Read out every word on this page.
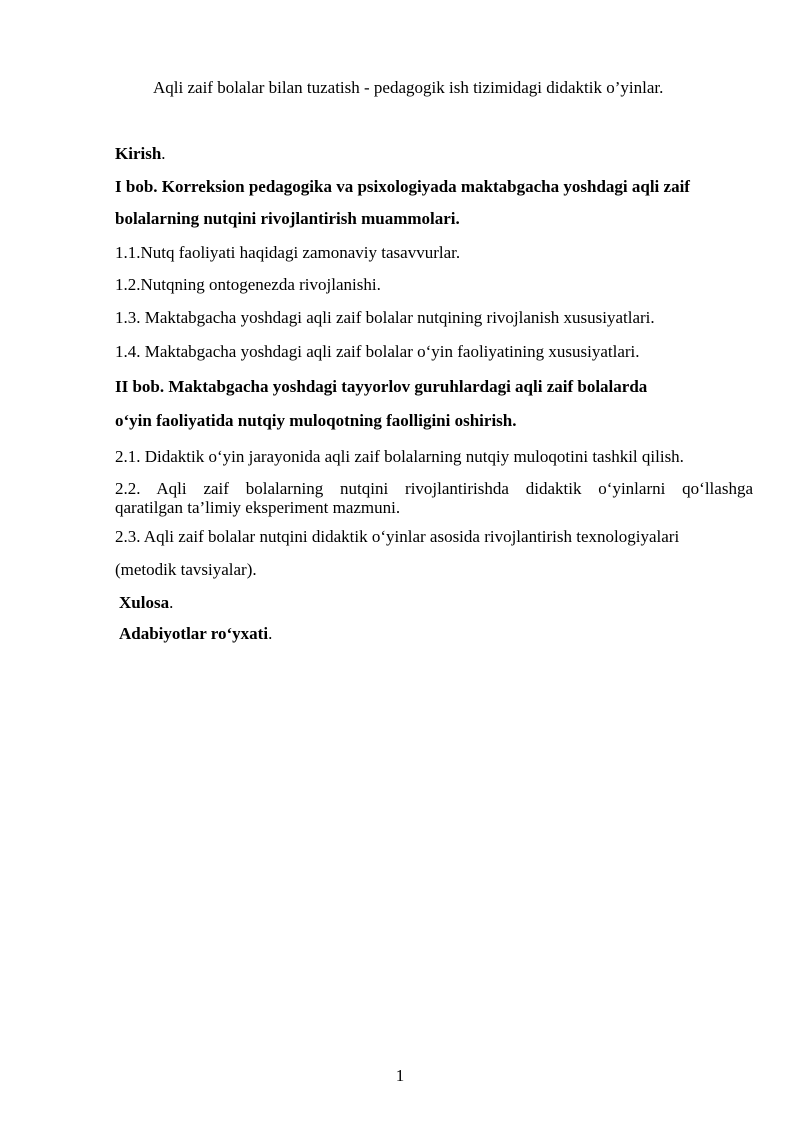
Aqli zaif bolalar bilan tuzatish - pedagogik ish tizimidagi didaktik o’yinlar.
Kirish.
I bob. Korreksion pedagogika va psixologiyada maktabgacha yoshdagi aqli zaif
bolalarning nutqini rivojlantirish muammolari.
1.1.Nutq faoliyati haqidagi zamonaviy tasavvurlar.
1.2.Nutqning ontogenezda rivojlanishi.
1.3. Maktabgacha yoshdagi aqli zaif bolalar nutqining rivojlanish xususiyatlari.
1.4. Maktabgacha yoshdagi aqli zaif bolalar o‘yin faoliyatining xususiyatlari.
II bob. Maktabgacha yoshdagi tayyorlov guruhlardagi aqli zaif bolalarda
o‘yin faoliyatida nutqiy muloqotning faolligini oshirish.
2.1. Didaktik o‘yin jarayonida aqli zaif bolalarning nutqiy muloqotini tashkil qilish.
2.2. Aqli zaif bolalarning nutqini rivojlantirishda didaktik o‘yinlarni qo‘llashga
qaratilgan ta’limiy eksperiment mazmuni.
2.3. Aqli zaif bolalar nutqini didaktik o‘yinlar asosida rivojlantirish texnologiyalari
(metodik tavsiyalar).
Xulosa.
Adabiyotlar ro‘yxati.
1
